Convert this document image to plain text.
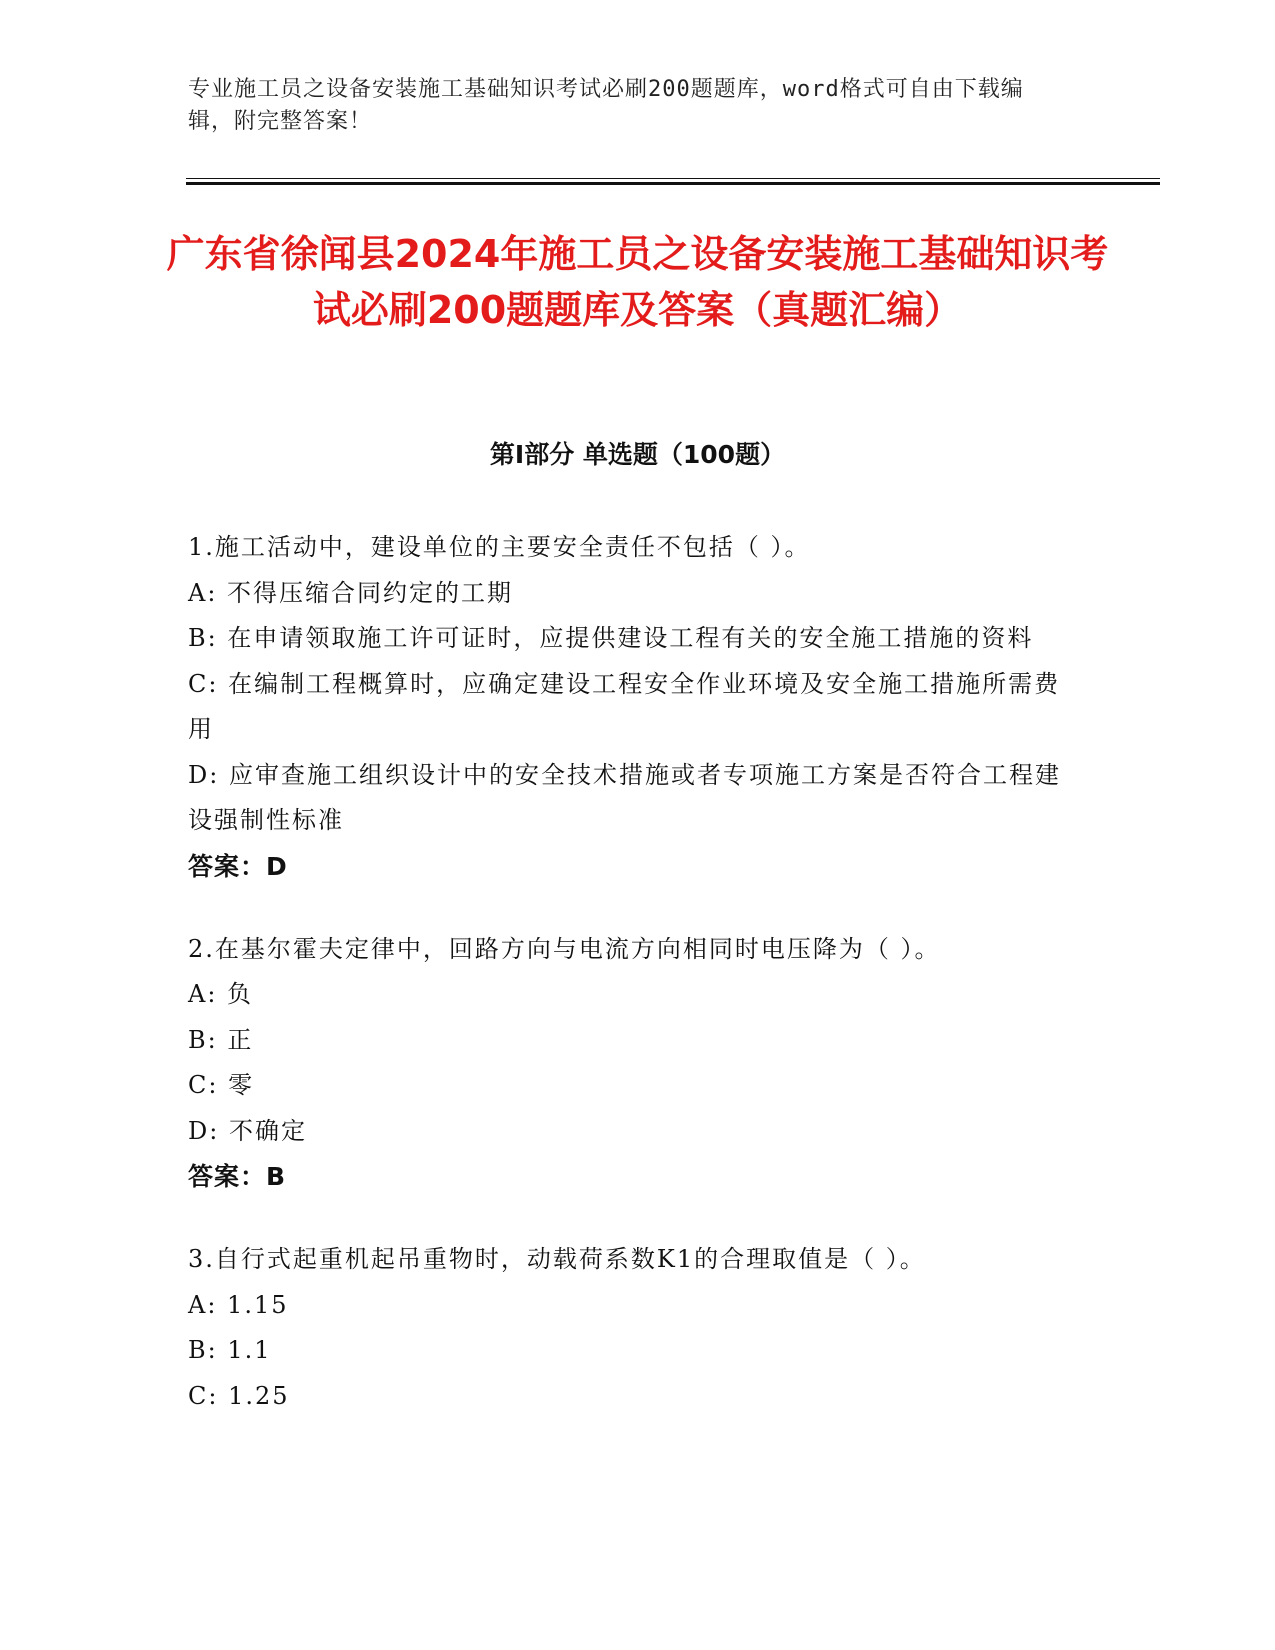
专业施工员之设备安装施工基础知识考试必刷200题题库，word格式可自由下载编辑，附完整答案！

广东省徐闻县2024年施工员之设备安装施工基础知识考试必刷200题题库及答案（真题汇编）
第Ⅰ部分 单选题（100题）

1.施工活动中，建设单位的主要安全责任不包括（ ）。

A: 不得压缩合同约定的工期

B: 在申请领取施工许可证时，应提供建设工程有关的安全施工措施的资料

C: 在编制工程概算时，应确定建设工程安全作业环境及安全施工措施所需费用

D: 应审查施工组织设计中的安全技术措施或者专项施工方案是否符合工程建设强制性标准

答案：D

2.在基尔霍夫定律中，回路方向与电流方向相同时电压降为（ ）。

A: 负

B: 正

C: 零

D: 不确定

答案：B

3.自行式起重机起吊重物时，动载荷系数K1的合理取值是（ ）。

A: 1.15

B: 1.1

C: 1.25
